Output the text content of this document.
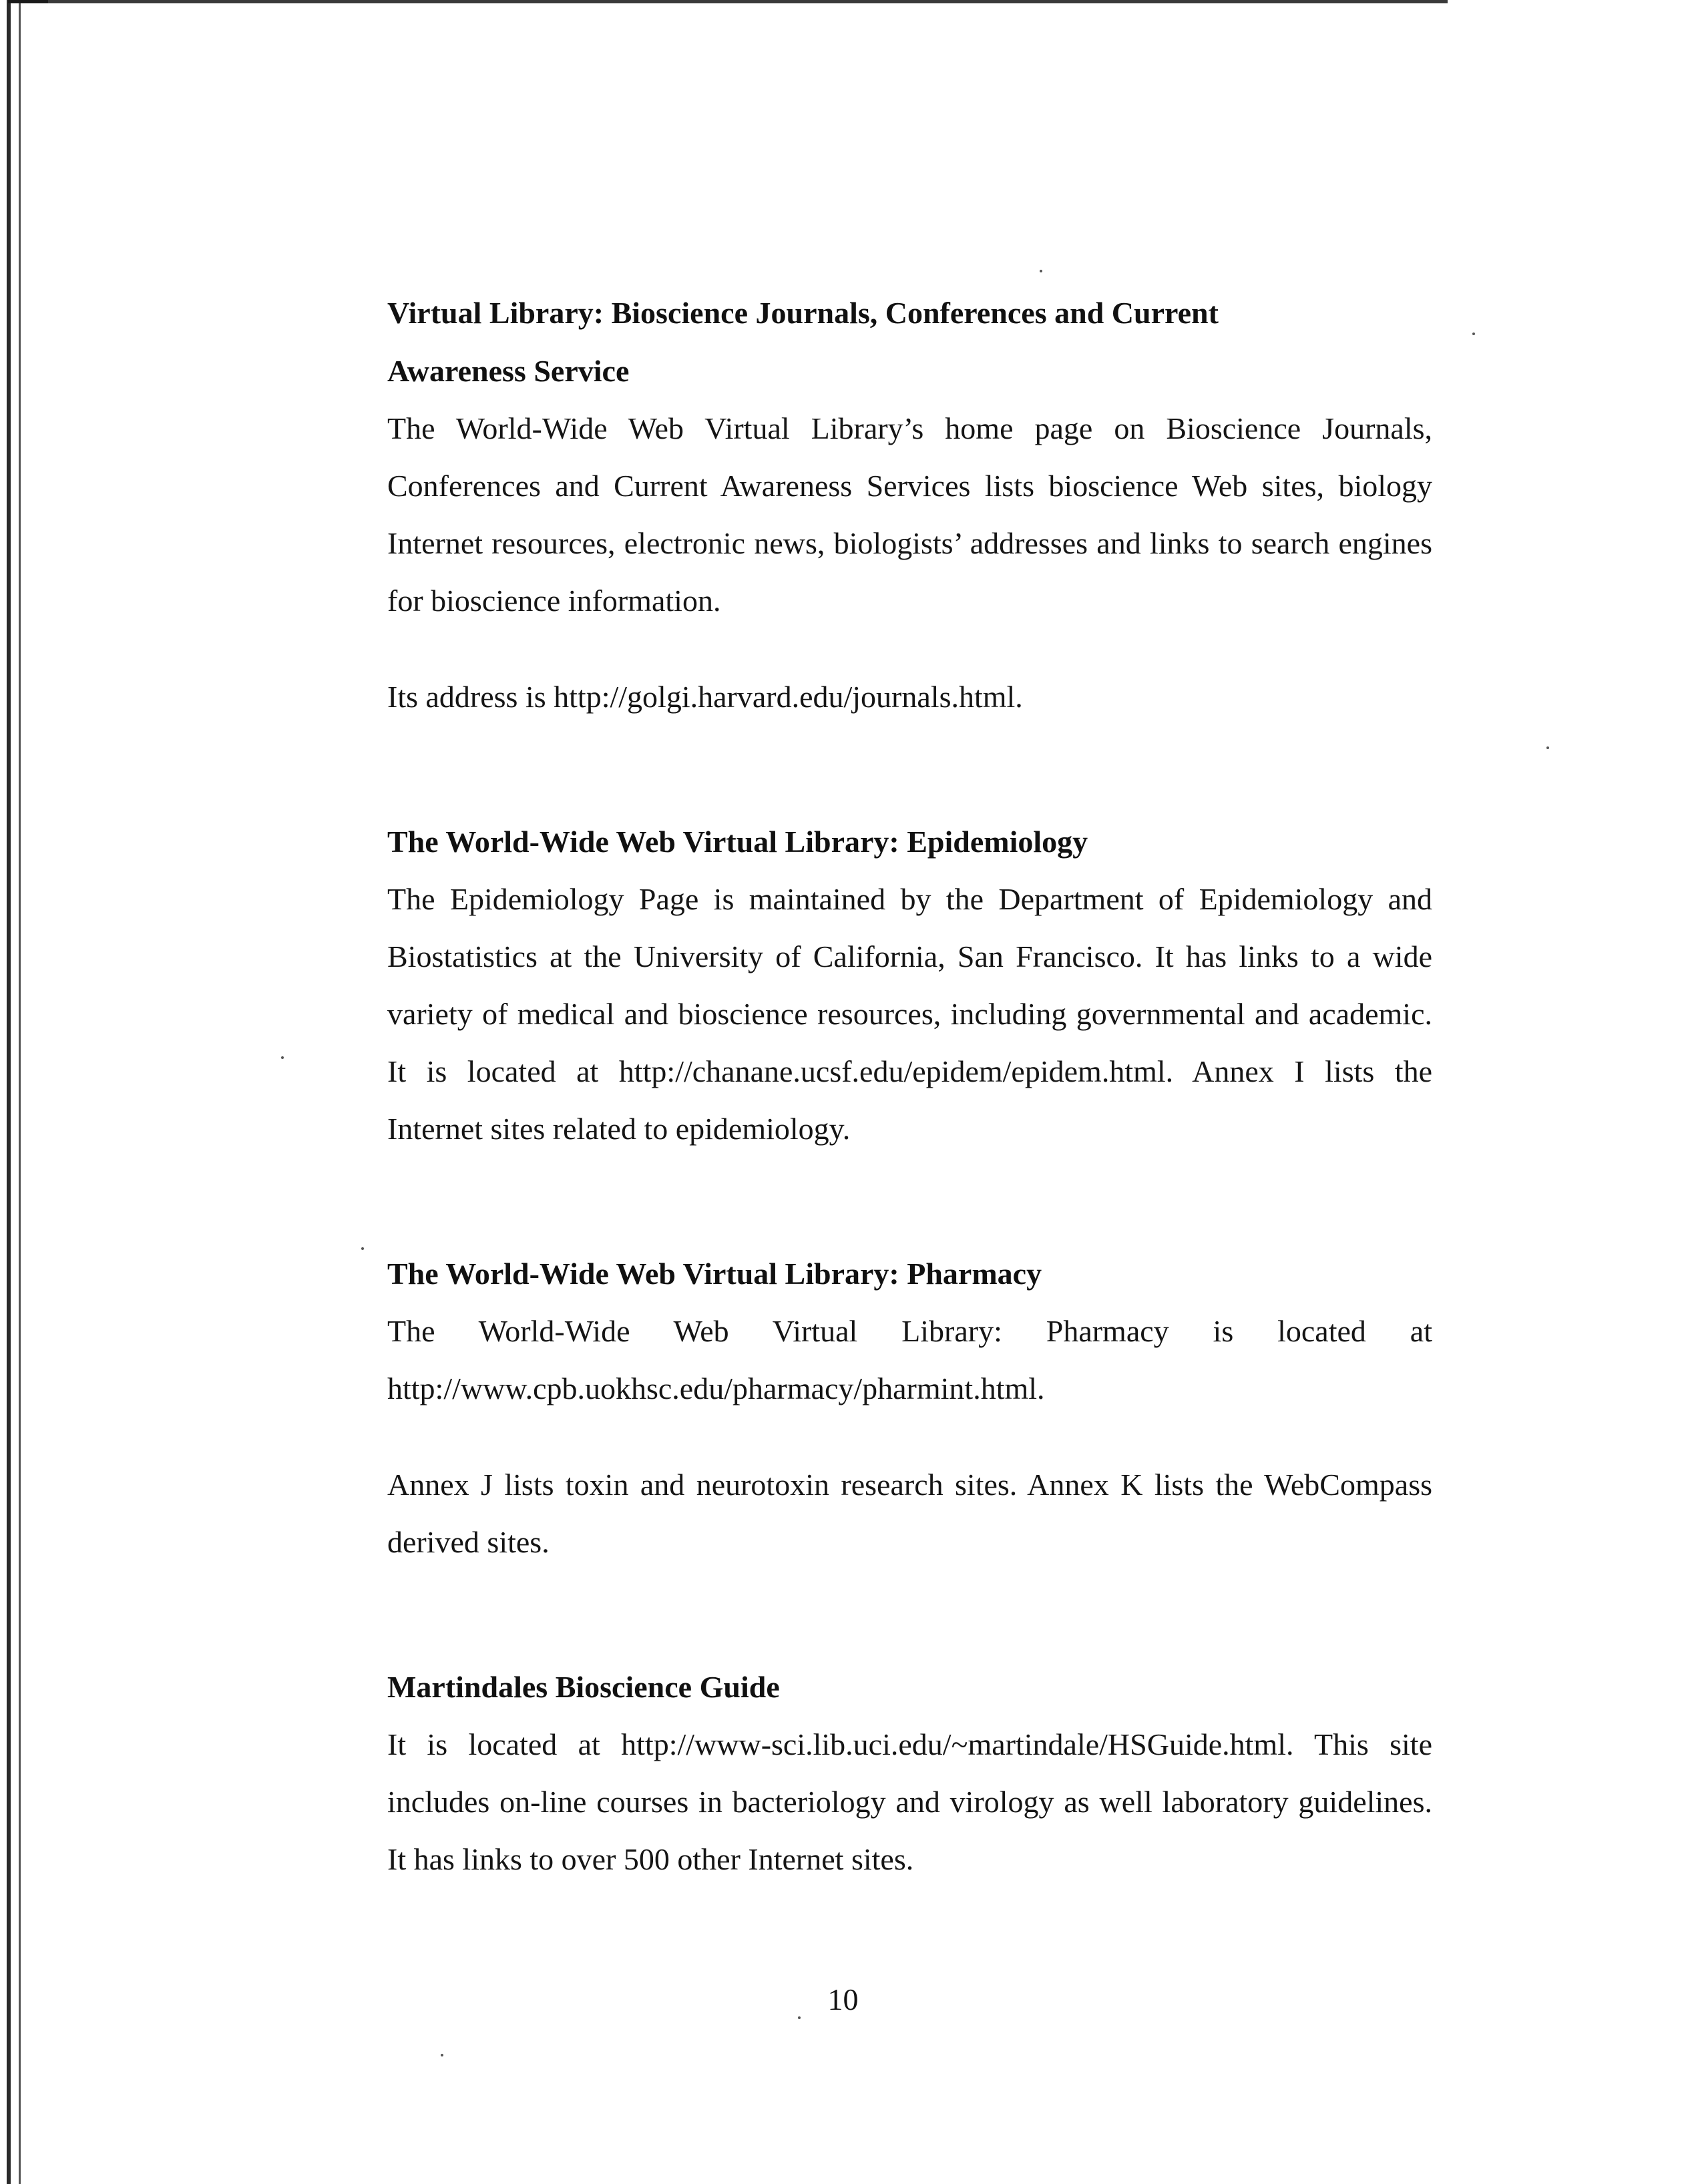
Virtual Library: Bioscience Journals, Conferences and Current Awareness Service

The World-Wide Web Virtual Library’s home page on Bioscience Journals, Conferences and Current Awareness Services lists bioscience Web sites, biology Internet resources, electronic news, biologists’ addresses and links to search engines for bioscience information.

Its address is http://golgi.harvard.edu/journals.html.

The World-Wide Web Virtual Library: Epidemiology

The Epidemiology Page is maintained by the Department of Epidemiology and Biostatistics at the University of California, San Francisco. It has links to a wide variety of medical and bioscience resources, including governmental and academic. It is located at http://chanane.ucsf.edu/epidem/epidem.html. Annex I lists the Internet sites related to epidemiology.

The World-Wide Web Virtual Library: Pharmacy

The World-Wide Web Virtual Library: Pharmacy is located at http://www.cpb.uokhsc.edu/pharmacy/pharmint.html.

Annex J lists toxin and neurotoxin research sites. Annex K lists the WebCompass derived sites.

Martindales Bioscience Guide

It is located at http://www-sci.lib.uci.edu/~martindale/HSGuide.html. This site includes on-line courses in bacteriology and virology as well laboratory guidelines. It has links to over 500 other Internet sites.

10
